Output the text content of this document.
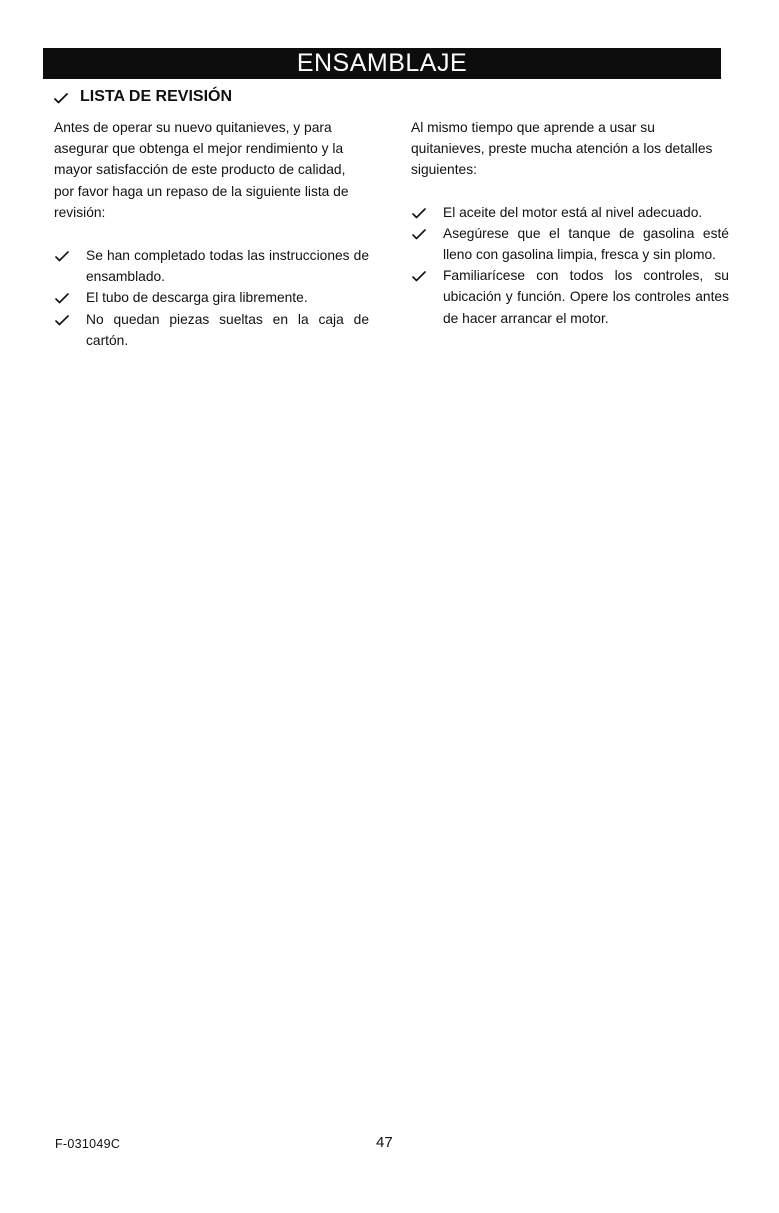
ENSAMBLAJE
LISTA DE REVISIÓN

Antes de operar su nuevo quitanieves, y para asegurar que obtenga el mejor rendimiento y la mayor satisfacción de este producto de calidad, por favor haga un repaso de la siguiente lista de revisión:

Se han completado todas las instrucciones de ensamblado.
El tubo de descarga gira libremente.
No quedan piezas sueltas en la caja de cartón.

Al mismo tiempo que aprende a usar su quitanieves, preste mucha atención a los detalles siguientes:

El aceite del motor está al nivel adecuado.
Asegúrese que el tanque de gasolina esté lleno con gasolina limpia, fresca y sin plomo.
Familiarícese con todos los controles, su ubicación y función. Opere los controles antes de hacer arrancar el motor.
F-031049C	47
